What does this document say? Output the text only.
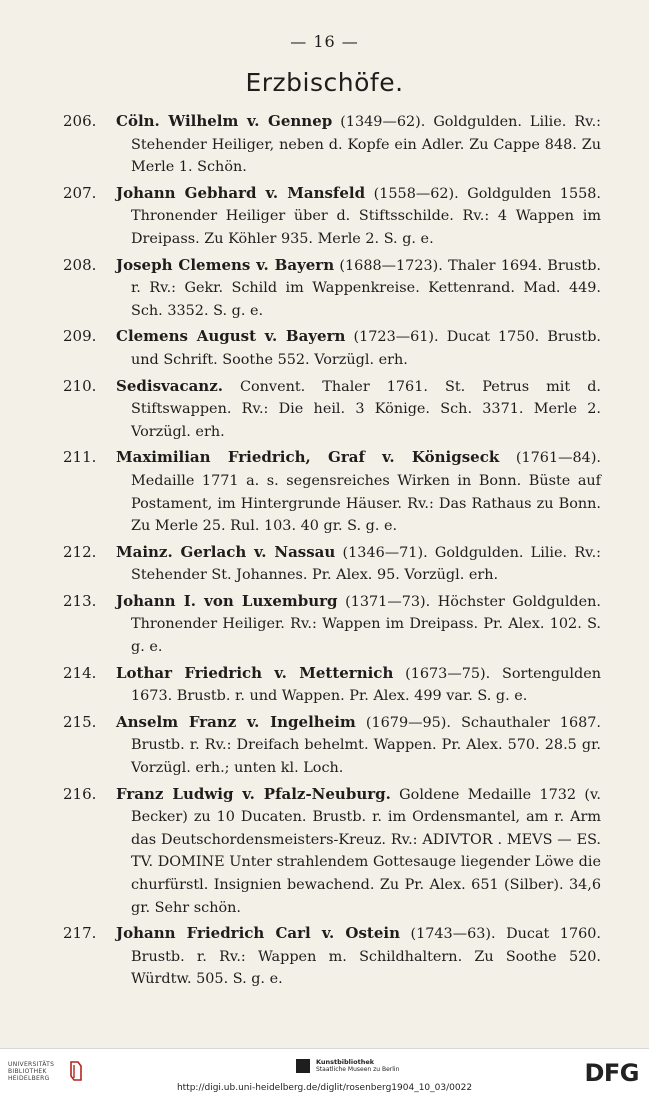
— 16 —
Erzbischöfe.
206.	Cöln. Wilhelm v. Gennep (1349—62). Goldgulden. Lilie. Rv.: Stehender Heiliger, neben d. Kopfe ein Adler. Zu Cappe 848. Zu Merle 1. Schön.
207.	Johann Gebhard v. Mansfeld (1558—62). Goldgulden 1558. Thronender Heiliger über d. Stiftsschilde. Rv.: 4 Wappen im Dreipass. Zu Köhler 935. Merle 2. S. g. e.
208.	Joseph Clemens v. Bayern (1688—1723). Thaler 1694. Brustb. r. Rv.: Gekr. Schild im Wappenkreise. Kettenrand. Mad. 449. Sch. 3352. S. g. e.
209.	Clemens August v. Bayern (1723—61). Ducat 1750. Brustb. und Schrift. Soothe 552. Vorzügl. erh.
210.	Sedisvacanz. Convent. Thaler 1761. St. Petrus mit d. Stiftswappen. Rv.: Die heil. 3 Könige. Sch. 3371. Merle 2. Vorzügl. erh.
211.	Maximilian Friedrich, Graf v. Königseck (1761—84). Medaille 1771 a. s. segensreiches Wirken in Bonn. Büste auf Postament, im Hintergrunde Häuser. Rv.: Das Rathaus zu Bonn. Zu Merle 25. Rul. 103. 40 gr. S. g. e.
212.	Mainz. Gerlach v. Nassau (1346—71). Goldgulden. Lilie. Rv.: Stehender St. Johannes. Pr. Alex. 95. Vorzügl. erh.
213.	Johann I. von Luxemburg (1371—73). Höchster Goldgulden. Thronender Heiliger. Rv.: Wappen im Dreipass. Pr. Alex. 102. S. g. e.
214.	Lothar Friedrich v. Metternich (1673—75). Sortengulden 1673. Brustb. r. und Wappen. Pr. Alex. 499 var. S. g. e.
215.	Anselm Franz v. Ingelheim (1679—95). Schauthaler 1687. Brustb. r. Rv.: Dreifach behelmt. Wappen. Pr. Alex. 570. 28.5 gr. Vorzügl. erh.; unten kl. Loch.
216.	Franz Ludwig v. Pfalz-Neuburg. Goldene Medaille 1732 (v. Becker) zu 10 Ducaten. Brustb. r. im Ordensmantel, am r. Arm das Deutschordensmeisters-Kreuz. Rv.: ADIVTOR . MEVS — ES. TV. DOMINE Unter strahlendem Gottesauge liegender Löwe die churfürstl. Insignien bewachend. Zu Pr. Alex. 651 (Silber). 34,6 gr. Sehr schön.
217.	Johann Friedrich Carl v. Ostein (1743—63). Ducat 1760. Brustb. r. Rv.: Wappen m. Schildhaltern. Zu Soothe 520. Würdtw. 505. S. g. e.
UNIVERSITÄTS
BIBLIOTHEK
HEIDELBERG
Kunstbibliothek
Staatliche Museen zu Berlin	DFG
http://digi.ub.uni-heidelberg.de/diglit/rosenberg1904_10_03/0022
